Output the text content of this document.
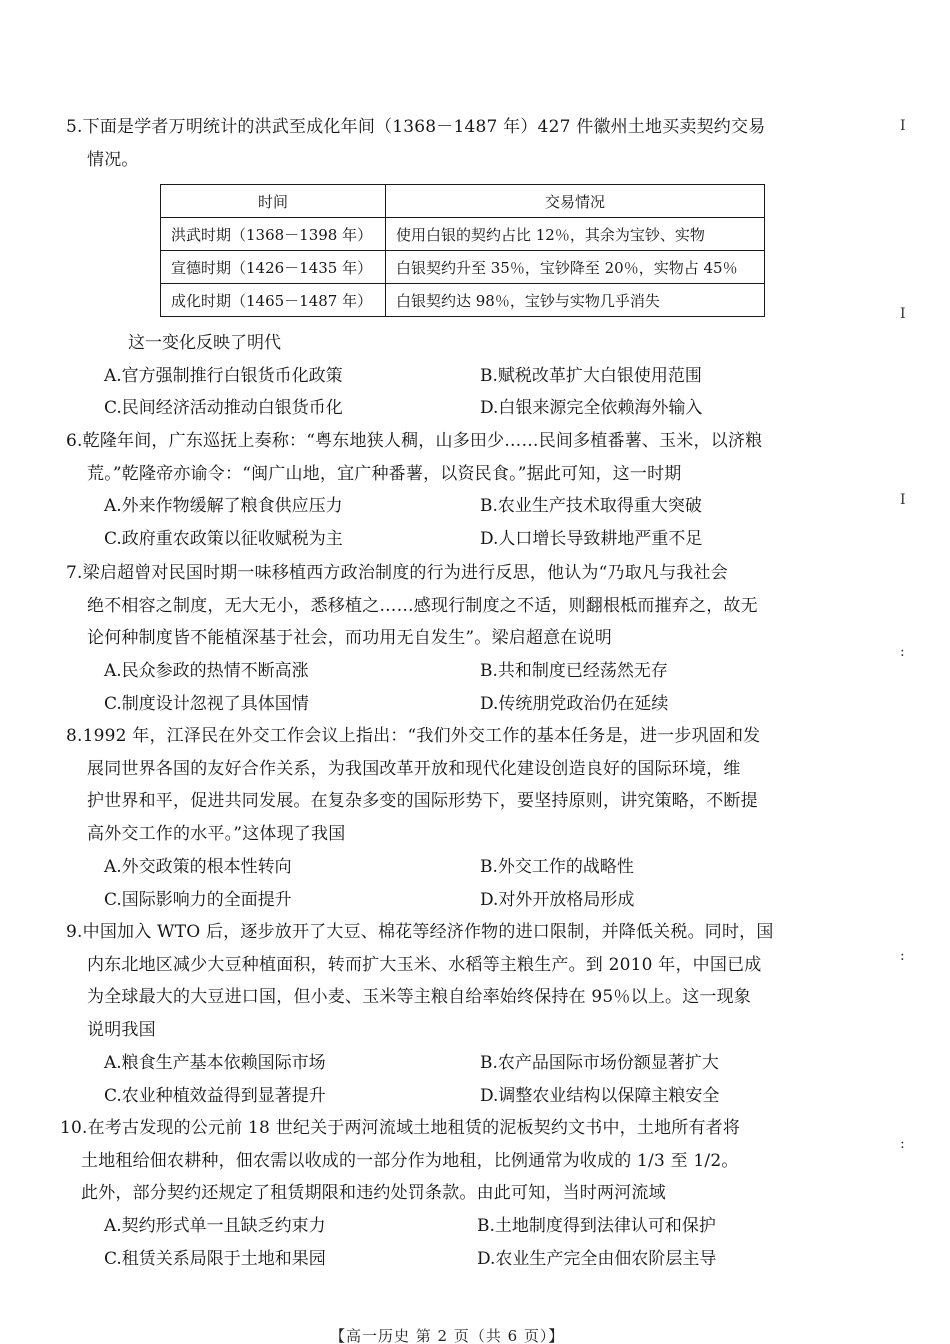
5.下面是学者万明统计的洪武至成化年间（1368－1487 年）427 件徽州土地买卖契约交易
情况。
时间	交易情况
洪武时期（1368－1398 年）	使用白银的契约占比 12％，其余为宝钞、实物
宣德时期（1426－1435 年）	白银契约升至 35％，宝钞降至 20％，实物占 45％
成化时期（1465－1487 年）	白银契约达 98％，宝钞与实物几乎消失
这一变化反映了明代
A.官方强制推行白银货币化政策	B.赋税改革扩大白银使用范围
C.民间经济活动推动白银货币化	D.白银来源完全依赖海外输入
6.乾隆年间，广东巡抚上奏称：“粤东地狭人稠，山多田少……民间多植番薯、玉米，以济粮
荒。”乾隆帝亦谕令：“闽广山地，宜广种番薯，以资民食。”据此可知，这一时期
A.外来作物缓解了粮食供应压力	B.农业生产技术取得重大突破
C.政府重农政策以征收赋税为主	D.人口增长导致耕地严重不足
7.梁启超曾对民国时期一味移植西方政治制度的行为进行反思，他认为“乃取凡与我社会
绝不相容之制度，无大无小，悉移植之……感现行制度之不适，则翻根柢而摧弃之，故无
论何种制度皆不能植深基于社会，而功用无自发生”。梁启超意在说明
A.民众参政的热情不断高涨	B.共和制度已经荡然无存
C.制度设计忽视了具体国情	D.传统朋党政治仍在延续
8.1992 年，江泽民在外交工作会议上指出：“我们外交工作的基本任务是，进一步巩固和发
展同世界各国的友好合作关系，为我国改革开放和现代化建设创造良好的国际环境，维
护世界和平，促进共同发展。在复杂多变的国际形势下，要坚持原则，讲究策略，不断提
高外交工作的水平。”这体现了我国
A.外交政策的根本性转向	B.外交工作的战略性
C.国际影响力的全面提升	D.对外开放格局形成
9.中国加入 WTO 后，逐步放开了大豆、棉花等经济作物的进口限制，并降低关税。同时，国
内东北地区减少大豆种植面积，转而扩大玉米、水稻等主粮生产。到 2010 年，中国已成
为全球最大的大豆进口国，但小麦、玉米等主粮自给率始终保持在 95％以上。这一现象
说明我国
A.粮食生产基本依赖国际市场	B.农产品国际市场份额显著扩大
C.农业种植效益得到显著提升	D.调整农业结构以保障主粮安全
10.在考古发现的公元前 18 世纪关于两河流域土地租赁的泥板契约文书中，土地所有者将
土地租给佃农耕种，佃农需以收成的一部分作为地租，比例通常为收成的 1/3 至 1/2。
此外，部分契约还规定了租赁期限和违约处罚条款。由此可知，当时两河流域
A.契约形式单一且缺乏约束力	B.土地制度得到法律认可和保护
C.租赁关系局限于土地和果园	D.农业生产完全由佃农阶层主导
I
I
I
:
:
:
【高一历史 第 2 页（共 6 页）】
